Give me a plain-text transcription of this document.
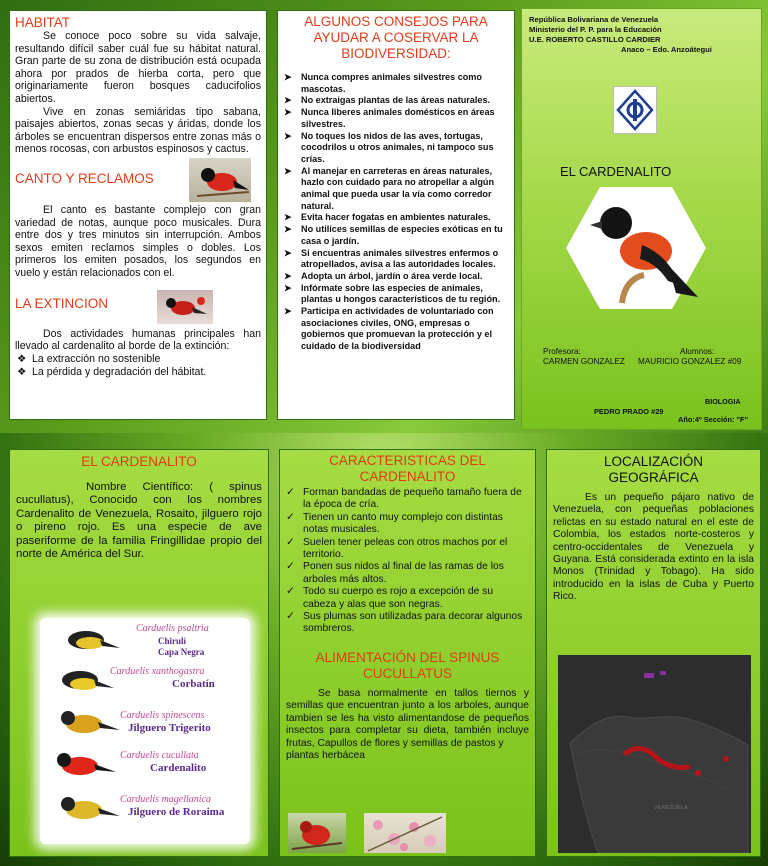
HABITAT

Se conoce poco sobre su vida salvaje, resultando difícil saber cuál fue su hábitat natural. Gran parte de su zona de distribución está ocupada ahora por prados de hierba corta, pero que originariamente fueron bosques caducifolios abiertos.

Vive en zonas semiáridas tipo sabana, paisajes abiertos, zonas secas y áridas, donde los árboles se encuentran dispersos entre zonas más o menos rocosas, con arbustos espinosos y cactus.

CANTO Y RECLAMOS

El canto es bastante complejo con gran variedad de notas, aunque poco musicales. Dura entre dos y tres minutos sin interrupción. Ambos sexos emiten reclamos simples o dobles. Los primeros los emiten posados, los segundos en vuelo y están relacionados con el.

LA EXTINCION

Dos actividades humanas principales han llevado al cardenalito al borde de la extinción:

❖ La extracción no sostenible
❖ La pérdida y degradación del hábitat.
ALGUNOS CONSEJOS PARA AYUDAR A COSERVAR LA BIODIVERSIDAD:
➤ Nunca compres animales silvestres como mascotas.
➤ No extraigas plantas de las áreas naturales.
➤ Nunca liberes animales domésticos en áreas silvestres.
➤ No toques los nidos de las aves, tortugas, cocodrilos u otros animales, ni tampoco sus crías.
➤ Al manejar en carreteras en áreas naturales, hazlo con cuidado para no atropellar a algún animal que pueda usar la vía como corredor natural.
➤ Evita hacer fogatas en ambientes naturales.
➤ No utilices semillas de especies exóticas en tu casa o jardín.
➤ Si encuentras animales silvestres enfermos o atropellados, avisa a las autoridades locales.
➤ Adopta un árbol, jardín o área verde local.
➤ Infórmate sobre las especies de animales, plantas u hongos característicos de tu región.
➤ Participa en actividades de voluntariado con asociaciones civiles, ONG, empresas o gobiernos que promuevan la protección y el cuidado de la biodiversidad
República Bolivariana de Venezuela
Ministerio del P. P. para la Educación
U.E. ROBERTO CASTILLO CARDIER
Anaco – Edo. Anzoátegui
EL CARDENALITO
Profesora:
CARMEN GONZALEZ
Alumnos:
MAURICIO GONZALEZ #09
BIOLOGIA
PEDRO PRADO #29
Año:4º Sección: "F"
EL CARDENALITO

Nombre Científico: ( spinus cucullatus), Conocido con los nombres Cardenalito de Venezuela, Rosaito, jilguero rojo o pireno rojo. Es una especie de ave paseriforme de la familia Fringillidae propio del norte de América del Sur.

Carduelis psaltria
Chirulí
Capa Negra
Carduelis xanthogastra
Corbatín
Carduelis spinescens
Jilguero Trigerito
Carduelis cucullata
Cardenalito
Carduelis magellanica
Jilguero de Roraima
CARACTERISTICAS DEL CARDENALITO
✓ Forman bandadas de pequeño tamaño fuera de la época de cría.
✓ Tienen un canto muy complejo con distintas notas musicales.
✓ Suelen tener peleas con otros machos por el territorio.
✓ Ponen sus nidos al final de las ramas de los arboles más altos.
✓ Todo su cuerpo es rojo a excepción de su cabeza y alas que son negras.
✓ Sus plumas son utilizadas para decorar algunos sombreros.
ALIMENTACIÓN DEL SPINUS CUCULLATUS

Se basa normalmente en tallos tiernos y semillas que encuentran junto a los arboles, aunque tambien se les ha visto alimentandose de pequeños insectos para completar su dieta, también incluye frutas, Capullos de flores y semillas de pastos y

plantas herbácea

LOCALIZACIÓN GEOGRÁFICA

Es un pequeño pájaro nativo de Venezuela, con pequeñas poblaciones relictas en su estado natural en el este de Colombia, los estados norte-costeros y centro-occidentales de Venezuela y Guyana. Está considerada extinto en la isla Monos (Trinidad y Tobago). Ha sido introducido en la islas de Cuba y Puerto Rico.

VENEZUELA
